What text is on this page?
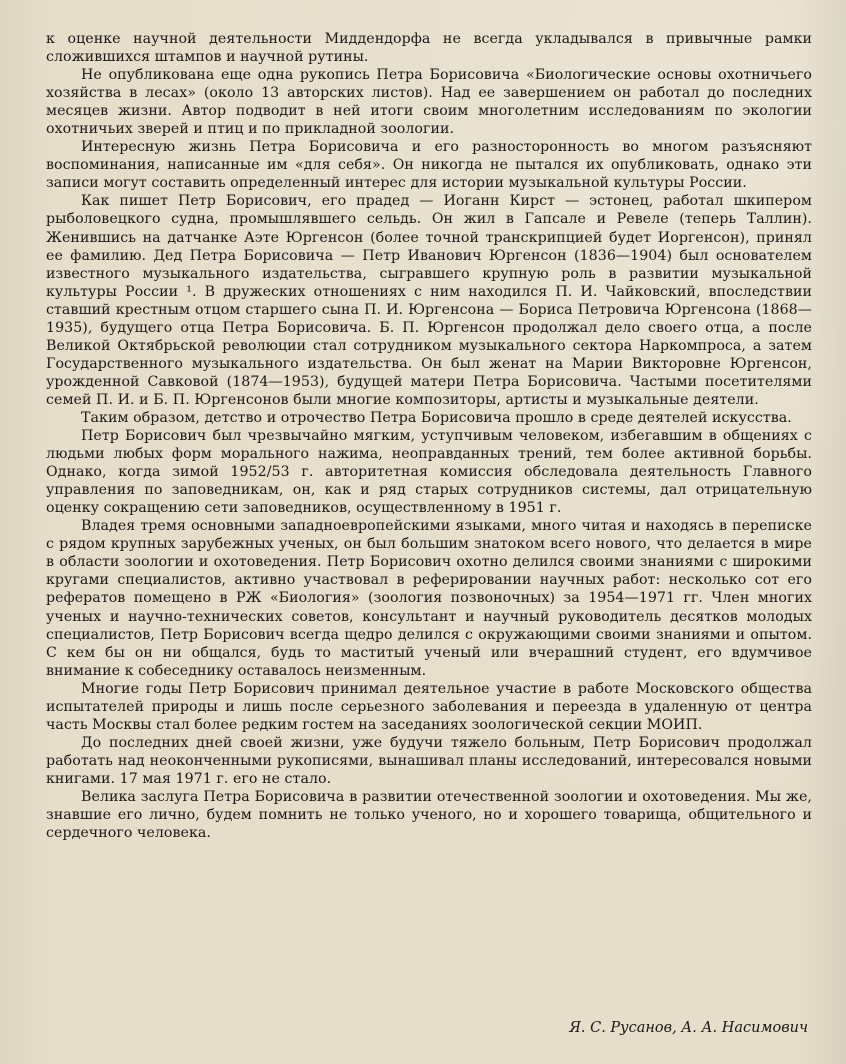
к оценке научной деятельности Миддендорфа не всегда укладывался в привычные рамки сложившихся штампов и научной рутины.

Не опубликована еще одна рукопись Петра Борисовича «Биологические основы охотничьего хозяйства в лесах» (около 13 авторских листов). Над ее завершением он работал до последних месяцев жизни. Автор подводит в ней итоги своим многолетним исследованиям по экологии охотничьих зверей и птиц и по прикладной зоологии.

Интересную жизнь Петра Борисовича и его разносторонность во многом разъясняют воспоминания, написанные им «для себя». Он никогда не пытался их опубликовать, однако эти записи могут составить определенный интерес для истории музыкальной культуры России.

Как пишет Петр Борисович, его прадед — Иоганн Кирст — эстонец, работал шкипером рыболовецкого судна, промышлявшего сельдь. Он жил в Гапсале и Ревеле (теперь Таллин). Женившись на датчанке Аэте Юргенсон (более точной транскрипцией будет Иоргенсон), принял ее фамилию. Дед Петра Борисовича — Петр Иванович Юргенсон (1836—1904) был основателем известного музыкального издательства, сыгравшего крупную роль в развитии музыкальной культуры России ¹. В дружеских отношениях с ним находился П. И. Чайковский, впоследствии ставший крестным отцом старшего сына П. И. Юргенсона — Бориса Петровича Юргенсона (1868—1935), будущего отца Петра Борисовича. Б. П. Юргенсон продолжал дело своего отца, а после Великой Октябрьской революции стал сотрудником музыкального сектора Наркомпроса, а затем Государственного музыкального издательства. Он был женат на Марии Викторовне Юргенсон, урожденной Савковой (1874—1953), будущей матери Петра Борисовича. Частыми посетителями семей П. И. и Б. П. Юргенсонов были многие композиторы, артисты и музыкальные деятели.

Таким образом, детство и отрочество Петра Борисовича прошло в среде деятелей искусства.

Петр Борисович был чрезвычайно мягким, уступчивым человеком, избегавшим в общениях с людьми любых форм морального нажима, неоправданных трений, тем более активной борьбы. Однако, когда зимой 1952/53 г. авторитетная комиссия обследовала деятельность Главного управления по заповедникам, он, как и ряд старых сотрудников системы, дал отрицательную оценку сокращению сети заповедников, осуществленному в 1951 г.

Владея тремя основными западноевропейскими языками, много читая и находясь в переписке с рядом крупных зарубежных ученых, он был большим знатоком всего нового, что делается в мире в области зоологии и охотоведения. Петр Борисович охотно делился своими знаниями с широкими кругами специалистов, активно участвовал в реферировании научных работ: несколько сот его рефератов помещено в РЖ «Биология» (зоология позвоночных) за 1954—1971 гг. Член многих ученых и научно-технических советов, консультант и научный руководитель десятков молодых специалистов, Петр Борисович всегда щедро делился с окружающими своими знаниями и опытом. С кем бы он ни общался, будь то маститый ученый или вчерашний студент, его вдумчивое внимание к собеседнику оставалось неизменным.

Многие годы Петр Борисович принимал деятельное участие в работе Московского общества испытателей природы и лишь после серьезного заболевания и переезда в удаленную от центра часть Москвы стал более редким гостем на заседаниях зоологической секции МОИП.

До последних дней своей жизни, уже будучи тяжело больным, Петр Борисович продолжал работать над неоконченными рукописями, вынашивал планы исследований, интересовался новыми книгами. 17 мая 1971 г. его не стало.

Велика заслуга Петра Борисовича в развитии отечественной зоологии и охотоведения. Мы же, знавшие его лично, будем помнить не только ученого, но и хорошего товарища, общительного и сердечного человека.

Я. С. Русанов, А. А. Насимович
